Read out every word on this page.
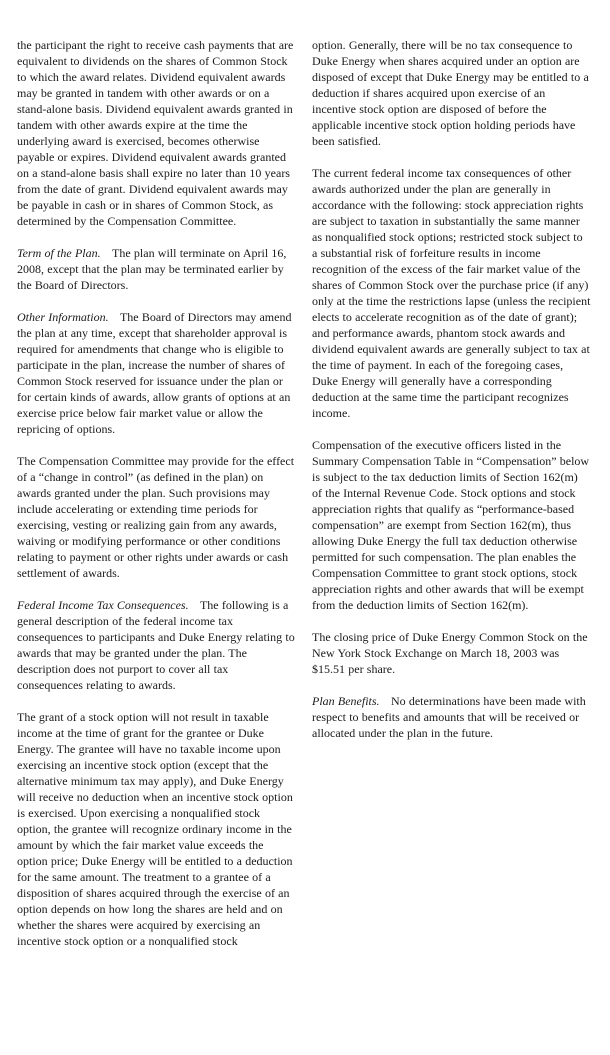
the participant the right to receive cash payments that are equivalent to dividends on the shares of Common Stock to which the award relates. Dividend equivalent awards may be granted in tandem with other awards or on a stand-alone basis. Dividend equivalent awards granted in tandem with other awards expire at the time the underlying award is exercised, becomes otherwise payable or expires. Dividend equivalent awards granted on a stand-alone basis shall expire no later than 10 years from the date of grant. Dividend equivalent awards may be payable in cash or in shares of Common Stock, as determined by the Compensation Committee.

Term of the Plan. The plan will terminate on April 16, 2008, except that the plan may be terminated earlier by the Board of Directors.

Other Information. The Board of Directors may amend the plan at any time, except that shareholder approval is required for amendments that change who is eligible to participate in the plan, increase the number of shares of Common Stock reserved for issuance under the plan or for certain kinds of awards, allow grants of options at an exercise price below fair market value or allow the repricing of options.

The Compensation Committee may provide for the effect of a “change in control” (as defined in the plan) on awards granted under the plan. Such provisions may include accelerating or extending time periods for exercising, vesting or realizing gain from any awards, waiving or modifying performance or other conditions relating to payment or other rights under awards or cash settlement of awards.

Federal Income Tax Consequences. The following is a general description of the federal income tax consequences to participants and Duke Energy relating to awards that may be granted under the plan. The description does not purport to cover all tax consequences relating to awards.

The grant of a stock option will not result in taxable income at the time of grant for the grantee or Duke Energy. The grantee will have no taxable income upon exercising an incentive stock option (except that the alternative minimum tax may apply), and Duke Energy will receive no deduction when an incentive stock option is exercised. Upon exercising a nonqualified stock option, the grantee will recognize ordinary income in the amount by which the fair market value exceeds the option price; Duke Energy will be entitled to a deduction for the same amount. The treatment to a grantee of a disposition of shares acquired through the exercise of an option depends on how long the shares are held and on whether the shares were acquired by exercising an incentive stock option or a nonqualified stock

option. Generally, there will be no tax consequence to Duke Energy when shares acquired under an option are disposed of except that Duke Energy may be entitled to a deduction if shares acquired upon exercise of an incentive stock option are disposed of before the applicable incentive stock option holding periods have been satisfied.

The current federal income tax consequences of other awards authorized under the plan are generally in accordance with the following: stock appreciation rights are subject to taxation in substantially the same manner as nonqualified stock options; restricted stock subject to a substantial risk of forfeiture results in income recognition of the excess of the fair market value of the shares of Common Stock over the purchase price (if any) only at the time the restrictions lapse (unless the recipient elects to accelerate recognition as of the date of grant); and performance awards, phantom stock awards and dividend equivalent awards are generally subject to tax at the time of payment. In each of the foregoing cases, Duke Energy will generally have a corresponding deduction at the same time the participant recognizes income.

Compensation of the executive officers listed in the Summary Compensation Table in “Compensation” below is subject to the tax deduction limits of Section 162(m) of the Internal Revenue Code. Stock options and stock appreciation rights that qualify as “performance-based compensation” are exempt from Section 162(m), thus allowing Duke Energy the full tax deduction otherwise permitted for such compensation. The plan enables the Compensation Committee to grant stock options, stock appreciation rights and other awards that will be exempt from the deduction limits of Section 162(m).

The closing price of Duke Energy Common Stock on the New York Stock Exchange on March 18, 2003 was $15.51 per share.

Plan Benefits. No determinations have been made with respect to benefits and amounts that will be received or allocated under the plan in the future.
